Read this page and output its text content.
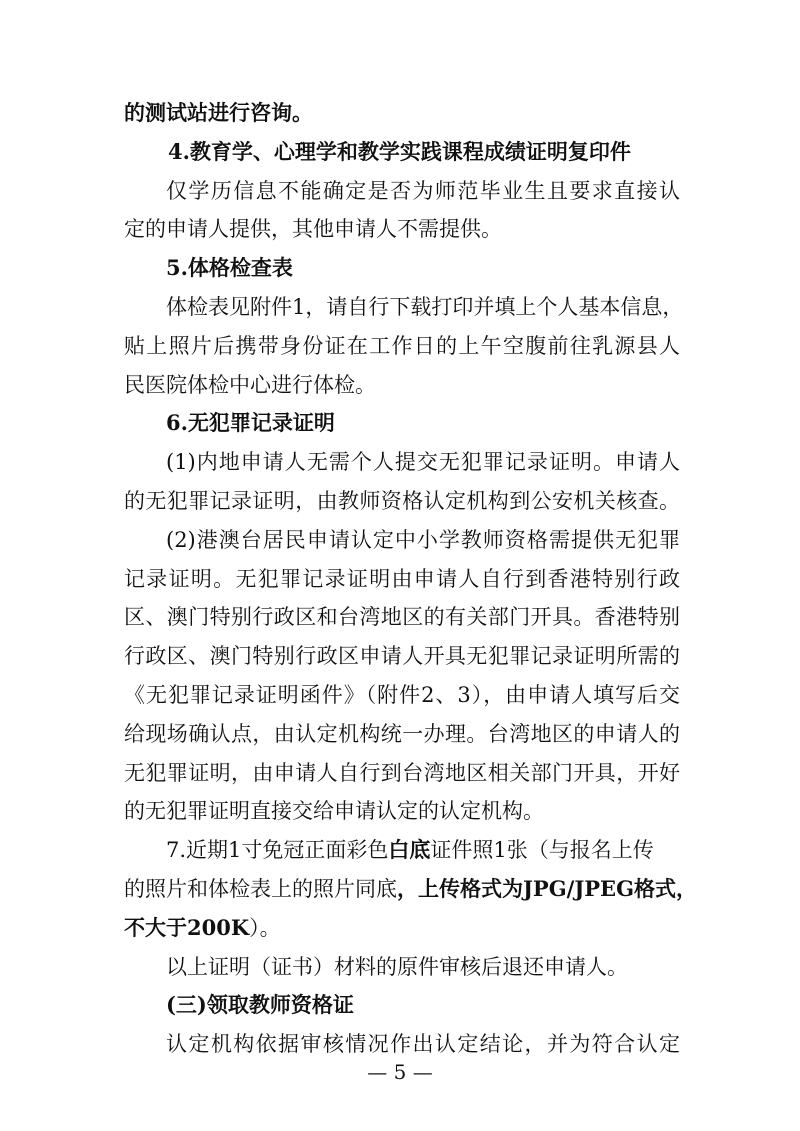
的测试站进行咨询。
4.教育学、心理学和教学实践课程成绩证明复印件
仅学历信息不能确定是否为师范毕业生且要求直接认
定的申请人提供，其他申请人不需提供。
5.体格检查表
体检表见附件1，请自行下载打印并填上个人基本信息，
贴上照片后携带身份证在工作日的上午空腹前往乳源县人
民医院体检中心进行体检。
6.无犯罪记录证明
(1)内地申请人无需个人提交无犯罪记录证明。申请人
的无犯罪记录证明，由教师资格认定机构到公安机关核查。
(2)港澳台居民申请认定中小学教师资格需提供无犯罪
记录证明。无犯罪记录证明由申请人自行到香港特别行政
区、澳门特别行政区和台湾地区的有关部门开具。香港特别
行政区、澳门特别行政区申请人开具无犯罪记录证明所需的
《无犯罪记录证明函件》（附件2、3），由申请人填写后交
给现场确认点，由认定机构统一办理。台湾地区的申请人的
无犯罪证明，由申请人自行到台湾地区相关部门开具，开好
的无犯罪证明直接交给申请认定的认定机构。
7.近期1寸免冠正面彩色白底证件照1张（与报名上传
的照片和体检表上的照片同底，上传格式为JPG/JPEG格式，
不大于200K）。
以上证明（证书）材料的原件审核后退还申请人。
— 5 —
(三)领取教师资格证
认定机构依据审核情况作出认定结论，并为符合认定
